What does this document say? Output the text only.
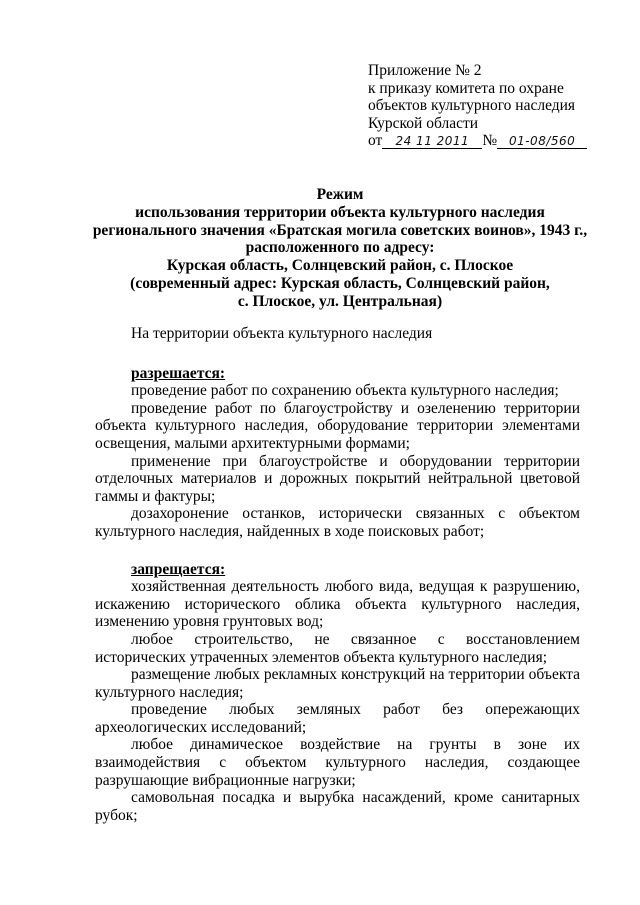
Приложение № 2
к приказу комитета по охране
объектов культурного наследия
Курской области
от 24 11 2011 № 01-08/560
Режим
использования территории объекта культурного наследия
регионального значения «Братская могила советских воинов», 1943 г.,
расположенного по адресу:
Курская область, Солнцевский район, с. Плоское
(современный адрес: Курская область, Солнцевский район,
с. Плоское, ул. Центральная)

На территории объекта культурного наследия

разрешается:

проведение работ по сохранению объекта культурного наследия;

проведение работ по благоустройству и озеленению территории объекта культурного наследия, оборудование территории элементами освещения, малыми архитектурными формами;

применение при благоустройстве и оборудовании территории отделочных материалов и дорожных покрытий нейтральной цветовой гаммы и фактуры;

дозахоронение останков, исторически связанных с объектом культурного наследия, найденных в ходе поисковых работ;

запрещается:

хозяйственная деятельность любого вида, ведущая к разрушению, искажению исторического облика объекта культурного наследия, изменению уровня грунтовых вод;

любое строительство, не связанное с восстановлением исторических утраченных элементов объекта культурного наследия;

размещение любых рекламных конструкций на территории объекта культурного наследия;

проведение любых земляных работ без опережающих археологических исследований;

любое динамическое воздействие на грунты в зоне их взаимодействия с объектом культурного наследия, создающее разрушающие вибрационные нагрузки;

самовольная посадка и вырубка насаждений, кроме санитарных рубок;
